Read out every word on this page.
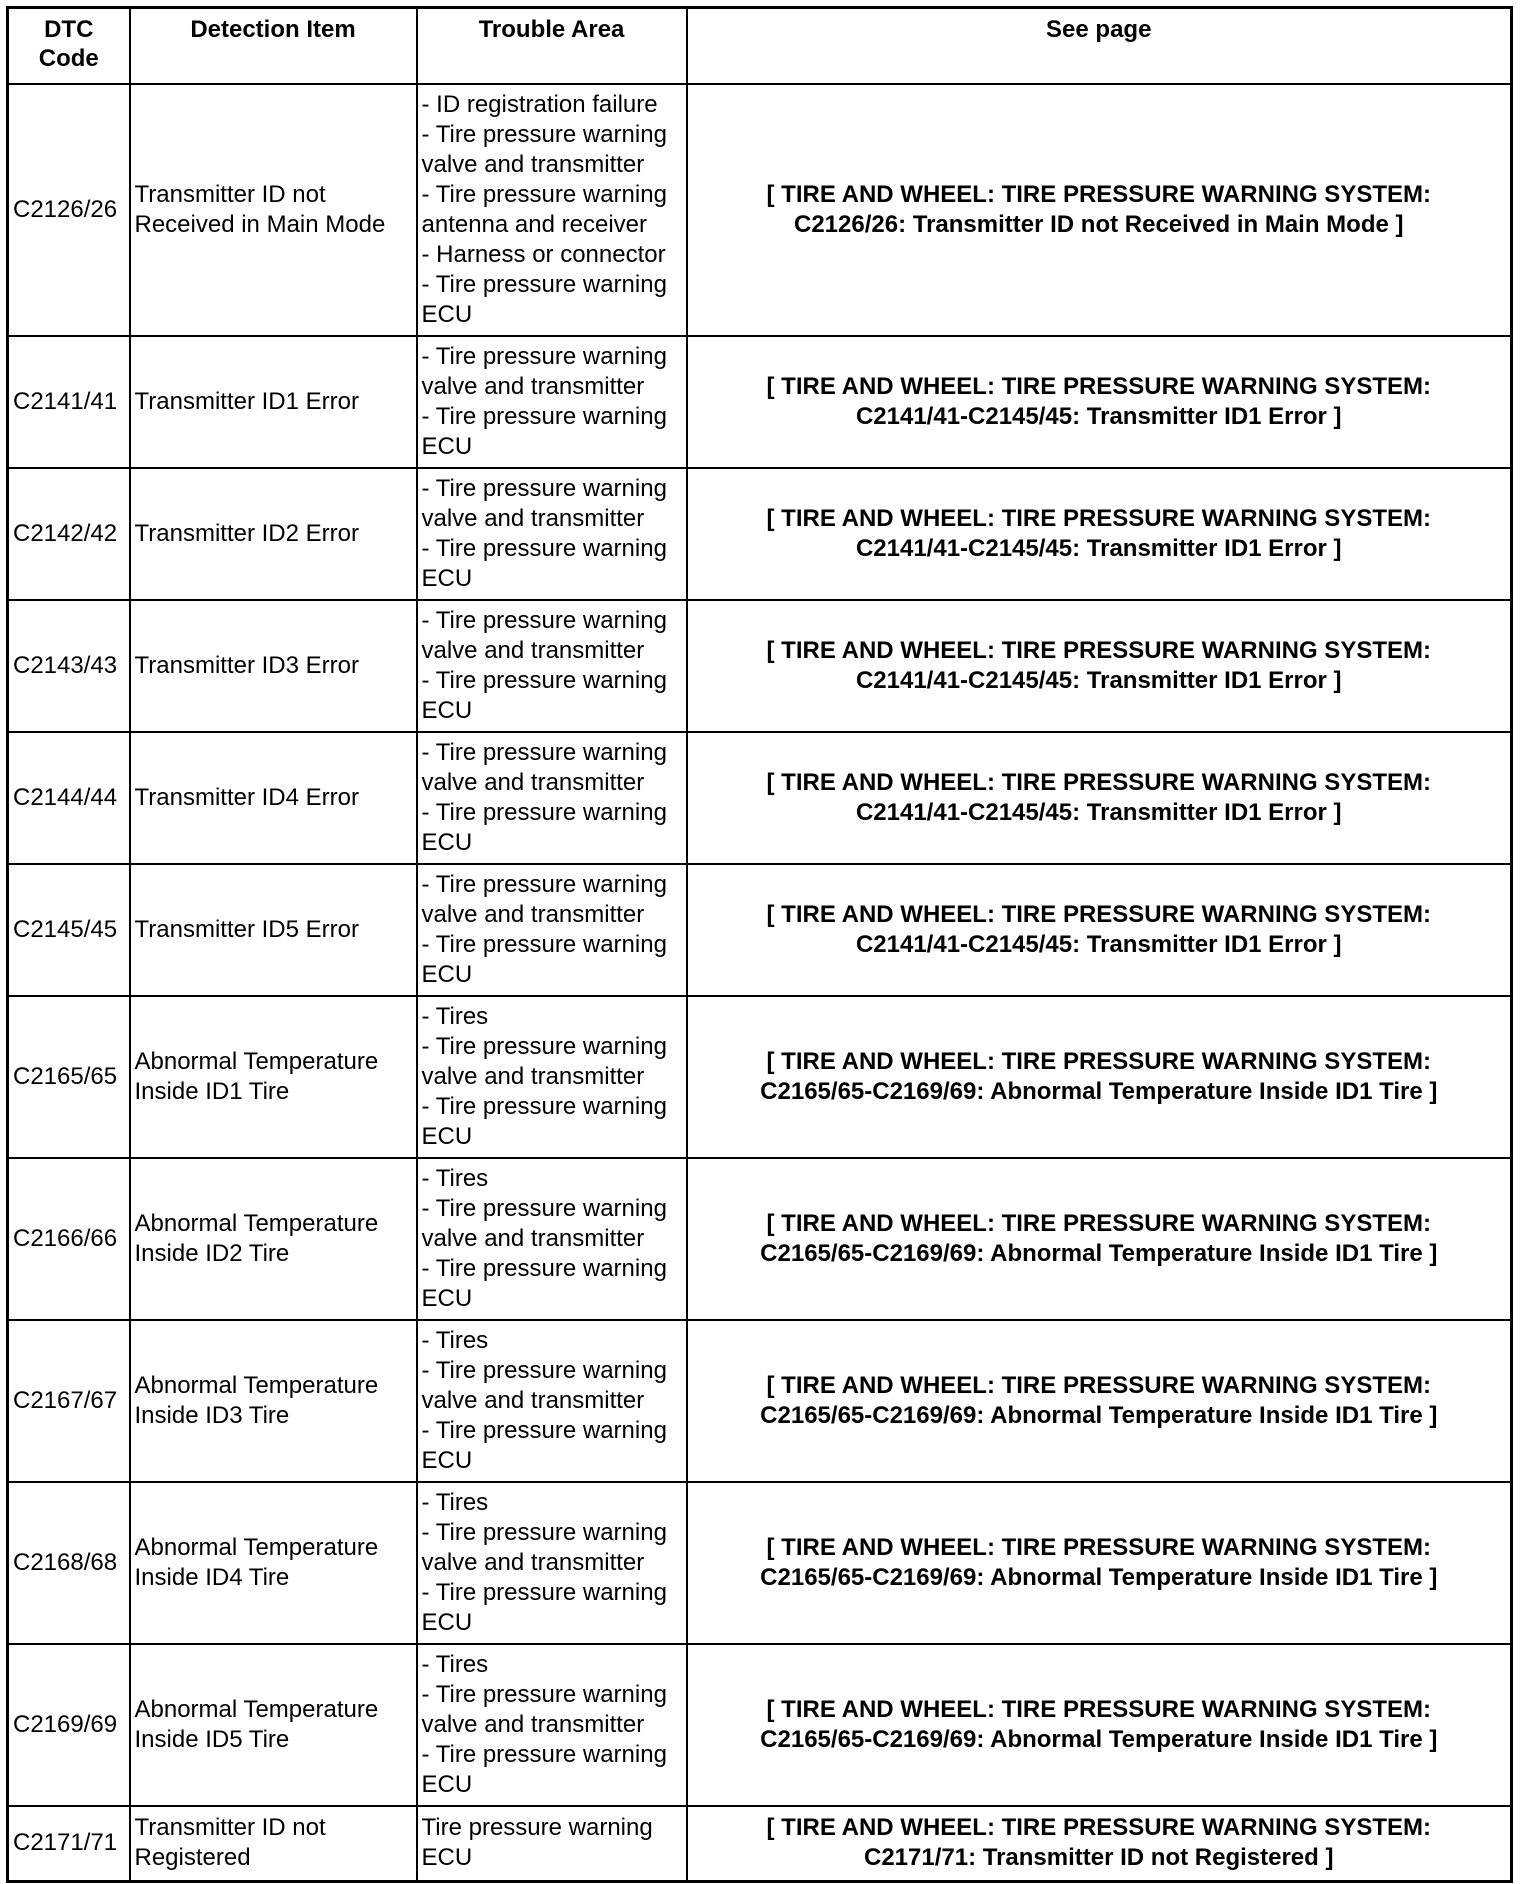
DTC Code	Detection Item	Trouble Area	See page
C2126/26	Transmitter ID not Received in Main Mode	- ID registration failure
- Tire pressure warning valve and transmitter
- Tire pressure warning antenna and receiver
- Harness or connector
- Tire pressure warning ECU	[ TIRE AND WHEEL: TIRE PRESSURE WARNING SYSTEM:
C2126/26: Transmitter ID not Received in Main Mode ]

C2141/41	Transmitter ID1 Error	- Tire pressure warning valve and transmitter
- Tire pressure warning ECU	[ TIRE AND WHEEL: TIRE PRESSURE WARNING SYSTEM:
C2141/41-C2145/45: Transmitter ID1 Error ]

C2142/42	Transmitter ID2 Error	- Tire pressure warning valve and transmitter
- Tire pressure warning ECU	[ TIRE AND WHEEL: TIRE PRESSURE WARNING SYSTEM:
C2141/41-C2145/45: Transmitter ID1 Error ]

C2143/43	Transmitter ID3 Error	- Tire pressure warning valve and transmitter
- Tire pressure warning ECU	[ TIRE AND WHEEL: TIRE PRESSURE WARNING SYSTEM:
C2141/41-C2145/45: Transmitter ID1 Error ]

C2144/44	Transmitter ID4 Error	- Tire pressure warning valve and transmitter
- Tire pressure warning ECU	[ TIRE AND WHEEL: TIRE PRESSURE WARNING SYSTEM:
C2141/41-C2145/45: Transmitter ID1 Error ]

C2145/45	Transmitter ID5 Error	- Tire pressure warning valve and transmitter
- Tire pressure warning ECU	[ TIRE AND WHEEL: TIRE PRESSURE WARNING SYSTEM:
C2141/41-C2145/45: Transmitter ID1 Error ]

C2165/65	Abnormal Temperature Inside ID1 Tire	- Tires
- Tire pressure warning valve and transmitter
- Tire pressure warning ECU	[ TIRE AND WHEEL: TIRE PRESSURE WARNING SYSTEM:
C2165/65-C2169/69: Abnormal Temperature Inside ID1 Tire ]

C2166/66	Abnormal Temperature Inside ID2 Tire	- Tires
- Tire pressure warning valve and transmitter
- Tire pressure warning ECU	[ TIRE AND WHEEL: TIRE PRESSURE WARNING SYSTEM:
C2165/65-C2169/69: Abnormal Temperature Inside ID1 Tire ]

C2167/67	Abnormal Temperature Inside ID3 Tire	- Tires
- Tire pressure warning valve and transmitter
- Tire pressure warning ECU	[ TIRE AND WHEEL: TIRE PRESSURE WARNING SYSTEM:
C2165/65-C2169/69: Abnormal Temperature Inside ID1 Tire ]

C2168/68	Abnormal Temperature Inside ID4 Tire	- Tires
- Tire pressure warning valve and transmitter
- Tire pressure warning ECU	[ TIRE AND WHEEL: TIRE PRESSURE WARNING SYSTEM:
C2165/65-C2169/69: Abnormal Temperature Inside ID1 Tire ]

C2169/69	Abnormal Temperature Inside ID5 Tire	- Tires
- Tire pressure warning valve and transmitter
- Tire pressure warning ECU	[ TIRE AND WHEEL: TIRE PRESSURE WARNING SYSTEM:
C2165/65-C2169/69: Abnormal Temperature Inside ID1 Tire ]

C2171/71	Transmitter ID not Registered	Tire pressure warning ECU	[ TIRE AND WHEEL: TIRE PRESSURE WARNING SYSTEM:
C2171/71: Transmitter ID not Registered ]
